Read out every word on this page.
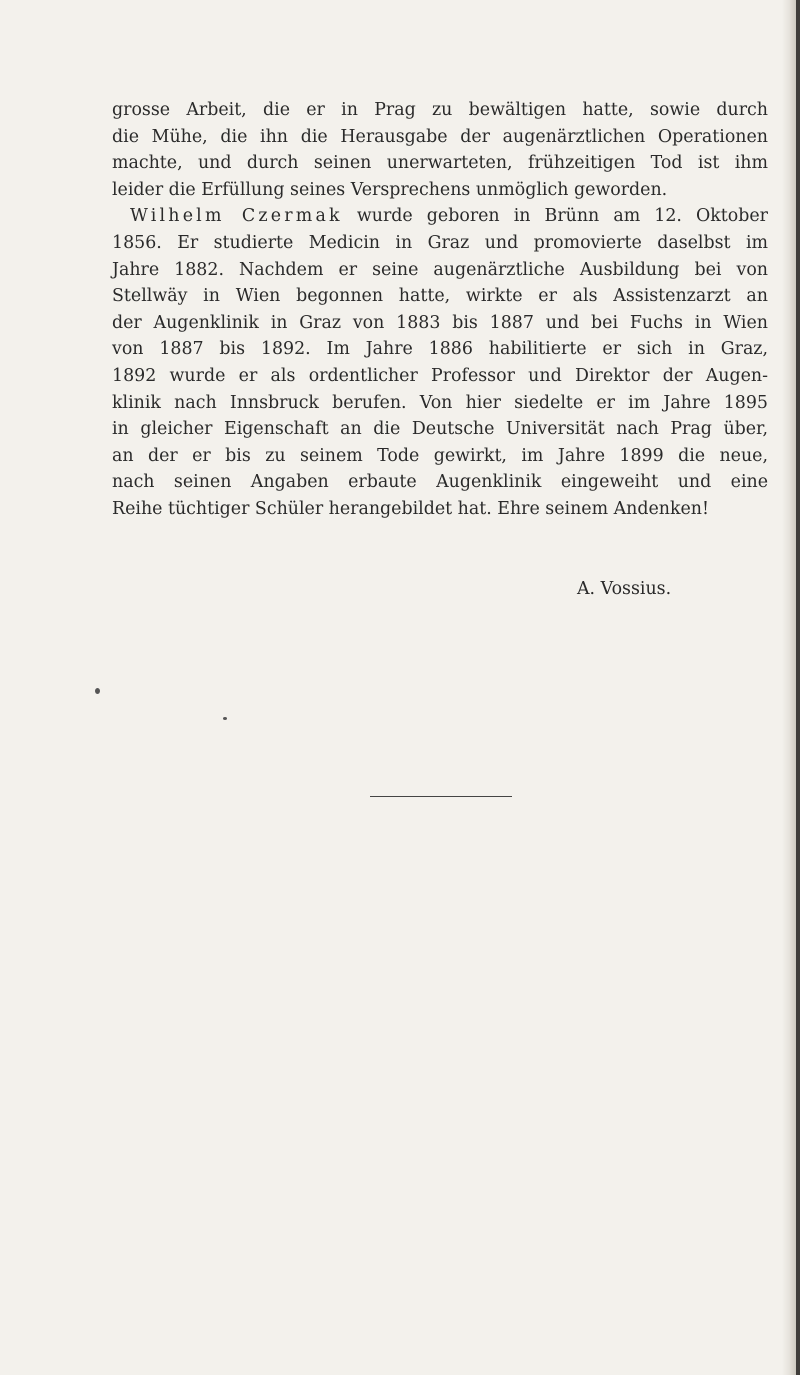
grosse Arbeit, die er in Prag zu bewältigen hatte, sowie durch
die Mühe, die ihn die Herausgabe der augenärztlichen Operationen
machte, und durch seinen unerwarteten, frühzeitigen Tod ist ihm
leider die Erfüllung seines Versprechens unmöglich geworden.
Wilhelm Czermak wurde geboren in Brünn am 12. Oktober
1856. Er studierte Medicin in Graz und promovierte daselbst im
Jahre 1882. Nachdem er seine augenärztliche Ausbildung bei von
Stellwäy in Wien begonnen hatte, wirkte er als Assistenzarzt an
der Augenklinik in Graz von 1883 bis 1887 und bei Fuchs in Wien
von 1887 bis 1892. Im Jahre 1886 habilitierte er sich in Graz,
1892 wurde er als ordentlicher Professor und Direktor der Augen-
klinik nach Innsbruck berufen. Von hier siedelte er im Jahre 1895
in gleicher Eigenschaft an die Deutsche Universität nach Prag über,
an der er bis zu seinem Tode gewirkt, im Jahre 1899 die neue,
nach seinen Angaben erbaute Augenklinik eingeweiht und eine
Reihe tüchtiger Schüler herangebildet hat. Ehre seinem Andenken!
A. Vossius.
